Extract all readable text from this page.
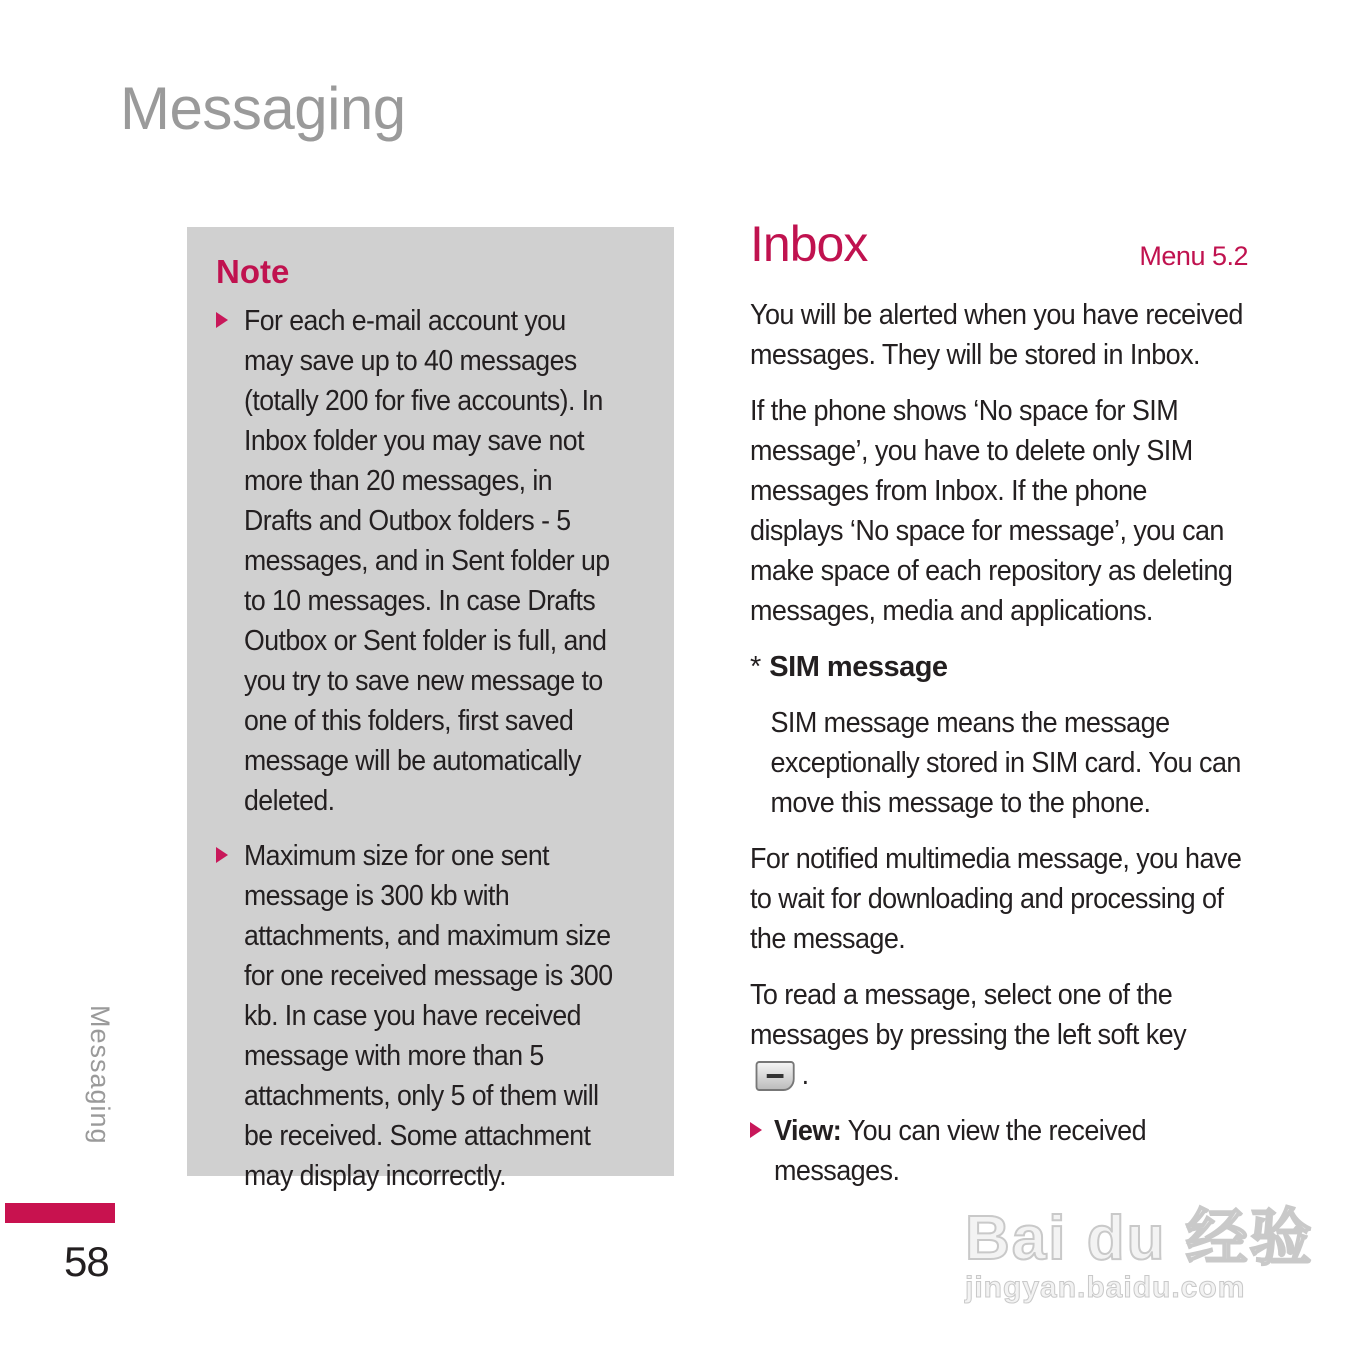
Messaging
Note
For each e-mail account you may save up to 40 messages (totally 200 for five accounts). In Inbox folder you may save not more than 20 messages, in Drafts and Outbox folders - 5 messages, and in Sent folder up to 10 messages. In case Drafts Outbox or Sent folder is full, and you try to save new message to one of this folders, first saved message will be automatically deleted.
Maximum size for one sent message is 300 kb with attachments, and maximum size for one received message is 300 kb. In case you have received message with more than 5 attachments, only 5 of them will be received. Some attachment may display incorrectly.
Inbox	Menu 5.2

You will be alerted when you have received messages. They will be stored in Inbox.

If the phone shows ‘No space for SIM message’, you have to delete only SIM messages from Inbox. If the phone displays ‘No space for message’, you can make space of each repository as deleting messages, media and applications.

* SIM message

SIM message means the message exceptionally stored in SIM card. You can move this message to the phone.

For notified multimedia message, you have to wait for downloading and processing of the message.

To read a message, select one of the messages by pressing the left soft key
.

View: You can view the received messages.
Messaging
58	Bai du 经验
jingyan.baidu.com
